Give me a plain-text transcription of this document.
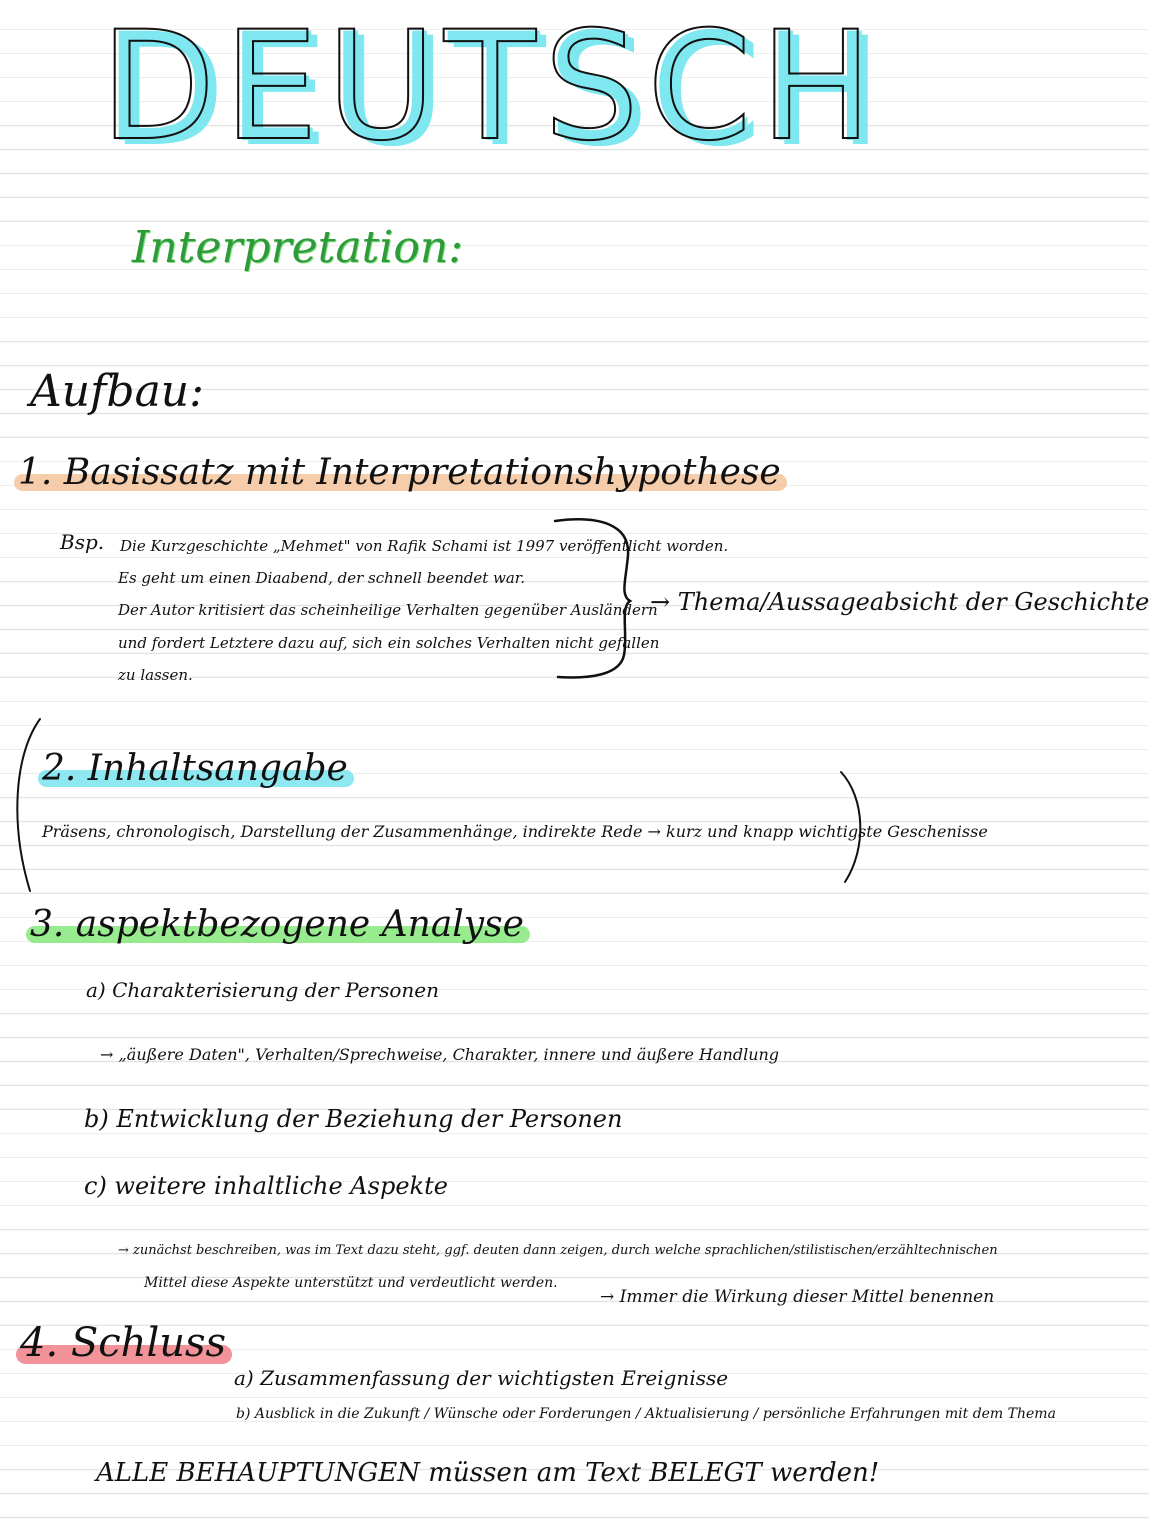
DEUTSCH
Interpretation:
Aufbau:
1. Basissatz mit Interpretationshypothese
Bsp. Die Kurzgeschichte „Mehmet" von Rafik Schami ist 1997 veröffentlicht worden.
Es geht um einen Diaabend, der schnell beendet war.
Der Autor kritisiert das scheinheilige Verhalten gegenüber Ausländern
und fordert Letztere dazu auf, sich ein solches Verhalten nicht gefallen
zu lassen.
→ Thema/Aussageabsicht der Geschichte
2. Inhaltsangabe
Präsens, chronologisch, Darstellung der Zusammenhänge, indirekte Rede → kurz und knapp wichtigste Geschenisse
3. aspektbezogene Analyse
a) Charakterisierung der Personen
→ „äußere Daten", Verhalten/Sprechweise, Charakter, innere und äußere Handlung
b) Entwicklung der Beziehung der Personen
c) weitere inhaltliche Aspekte
→ zunächst beschreiben, was im Text dazu steht, ggf. deuten dann zeigen, durch welche sprachlichen/stilistischen/erzähltechnischen
Mittel diese Aspekte unterstützt und verdeutlicht werden.
→ Immer die Wirkung dieser Mittel benennen
4. Schluss
a) Zusammenfassung der wichtigsten Ereignisse
b) Ausblick in die Zukunft / Wünsche oder Forderungen / Aktualisierung / persönliche Erfahrungen mit dem Thema
ALLE BEHAUPTUNGEN müssen am Text BELEGT werden!
